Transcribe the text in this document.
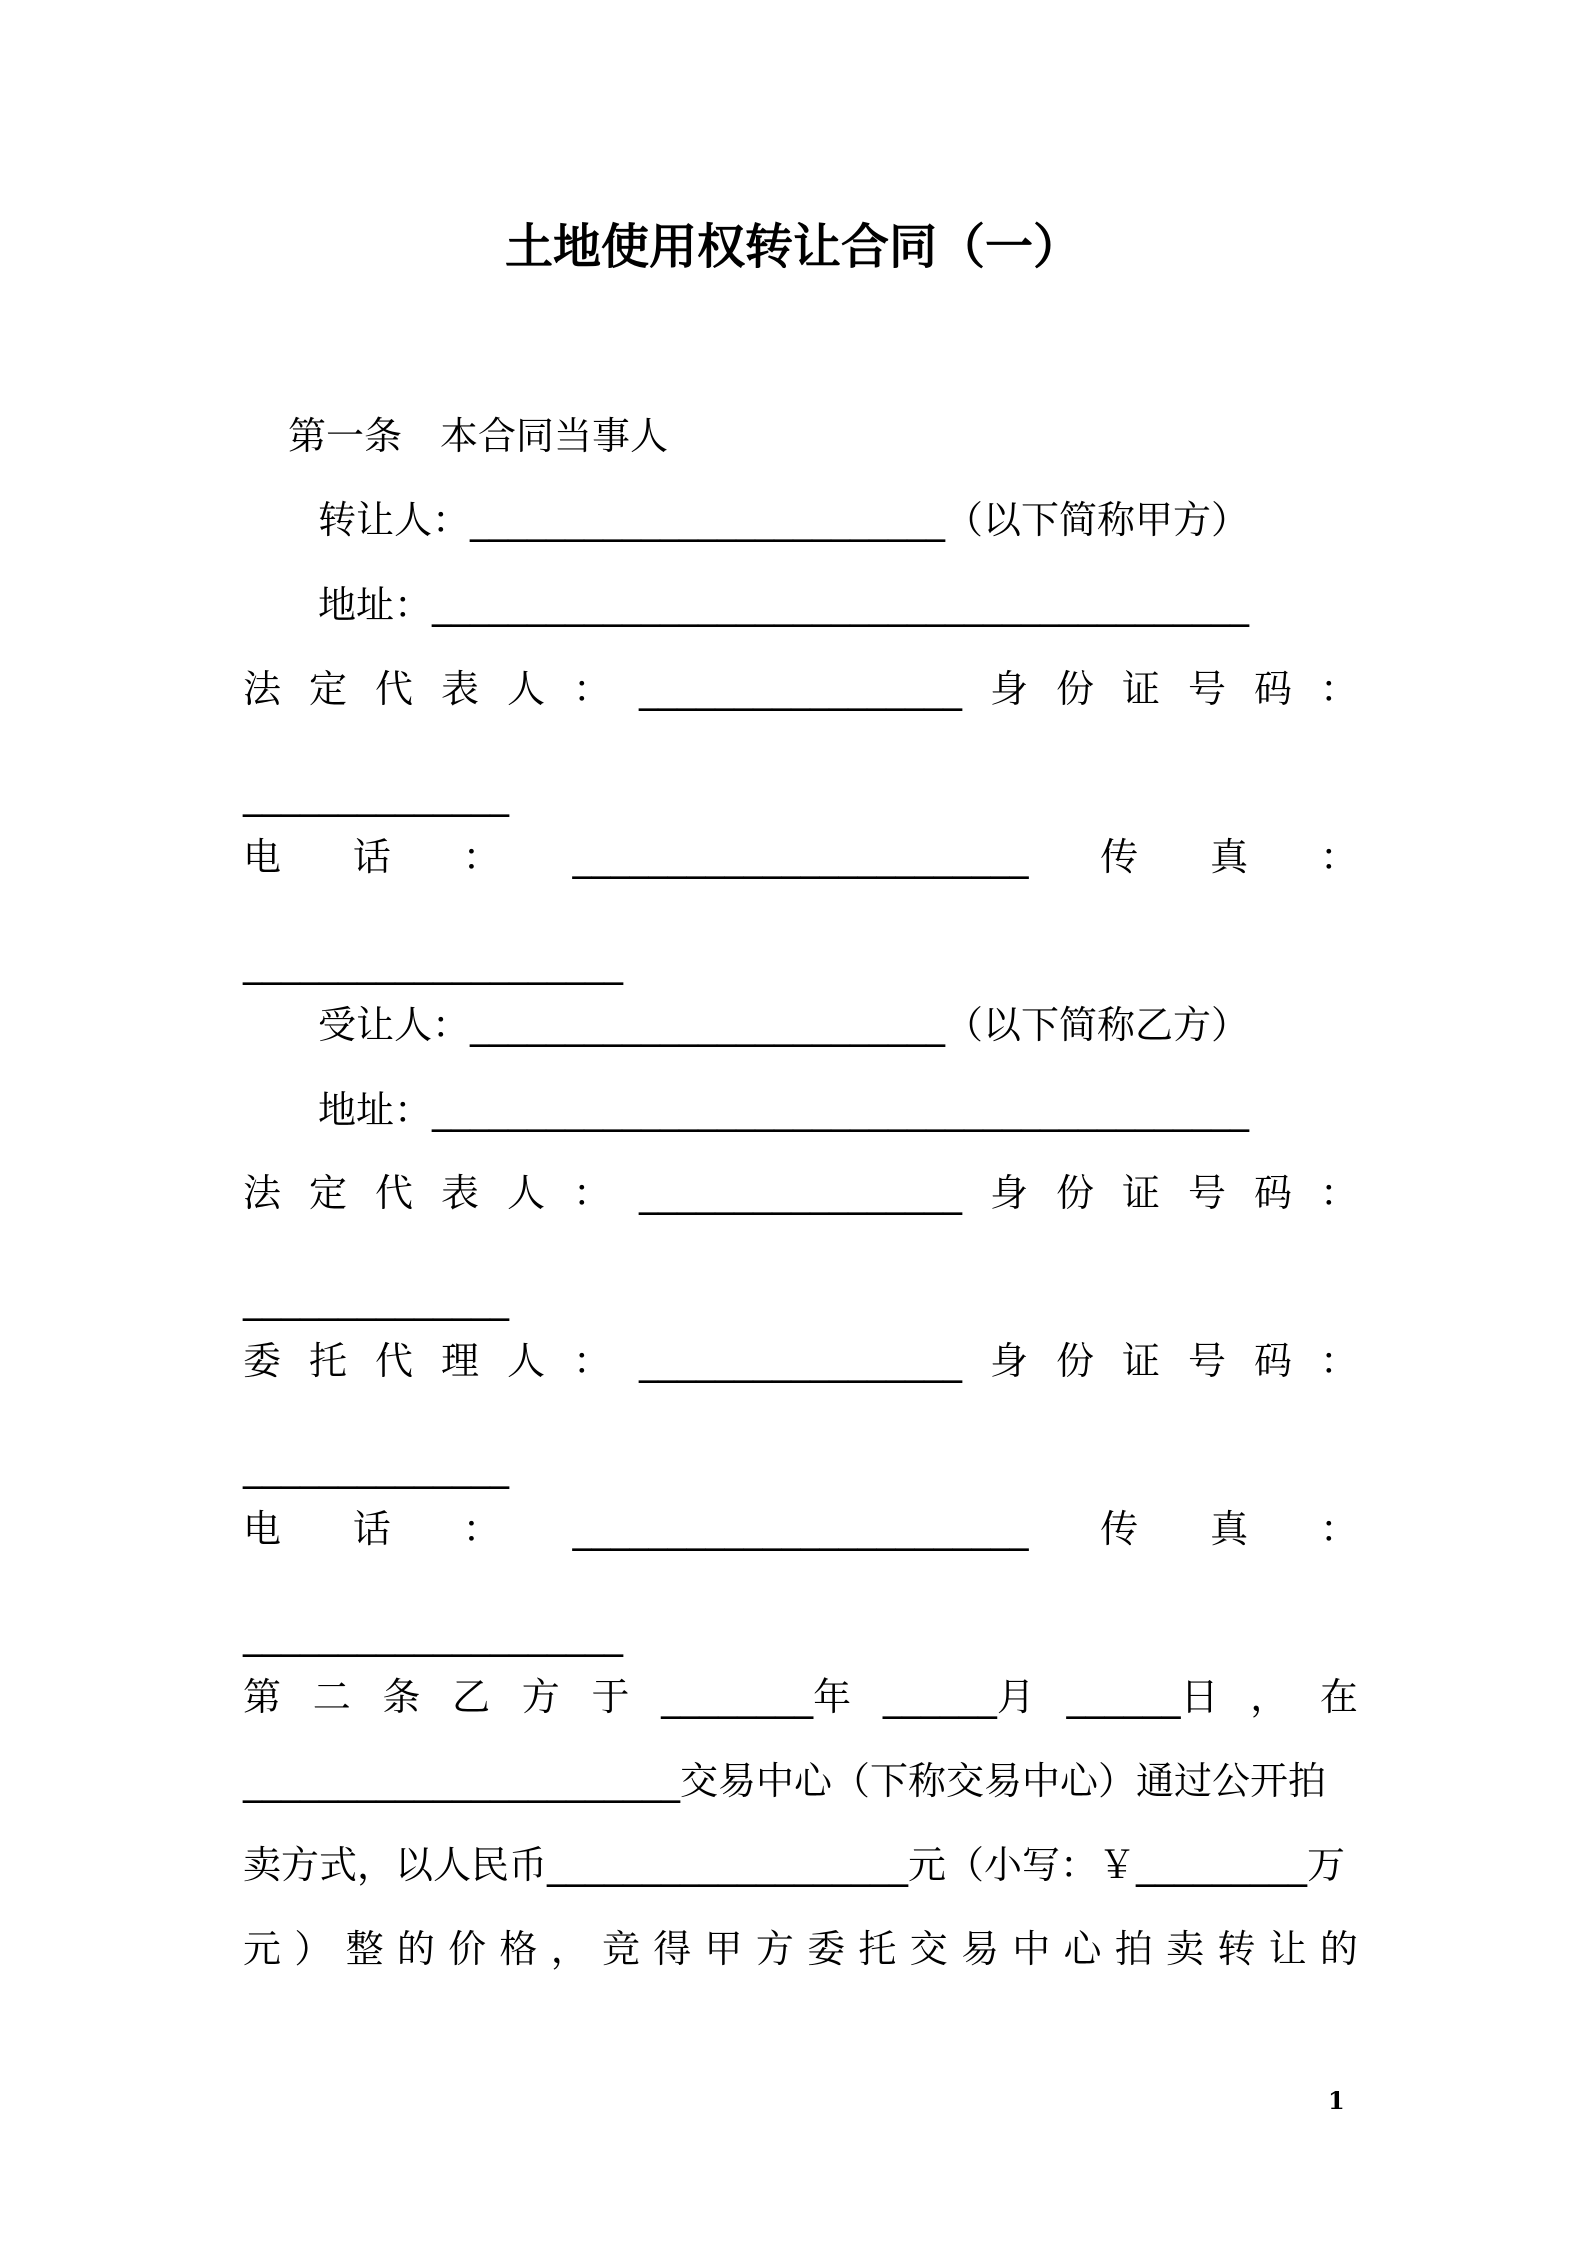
土地使用权转让合同（一）
第一条　本合同当事人
转让人：_________________________（以下简称甲方）
地址：___________________________________________
法 定 代 表 人 ： _________________ 身 份 证 号 码 ：
______________
电 话 ： ________________________ 传 真 ：
____________________
受让人：_________________________（以下简称乙方）
地址：___________________________________________
法 定 代 表 人 ： _________________ 身 份 证 号 码 ：
______________
委 托 代 理 人 ： _________________ 身 份 证 号 码 ：
______________
电 话 ： ________________________ 传 真 ：
____________________
第 二 条 乙 方 于 ________年 ______月 ______日 ， 在
_______________________交易中心（下称交易中心）通过公开拍
卖方式，以人民币___________________元（小写：￥_________万
元 ） 整 的 价 格 ， 竞 得 甲 方 委 托 交 易 中 心 拍 卖 转 让 的
1
